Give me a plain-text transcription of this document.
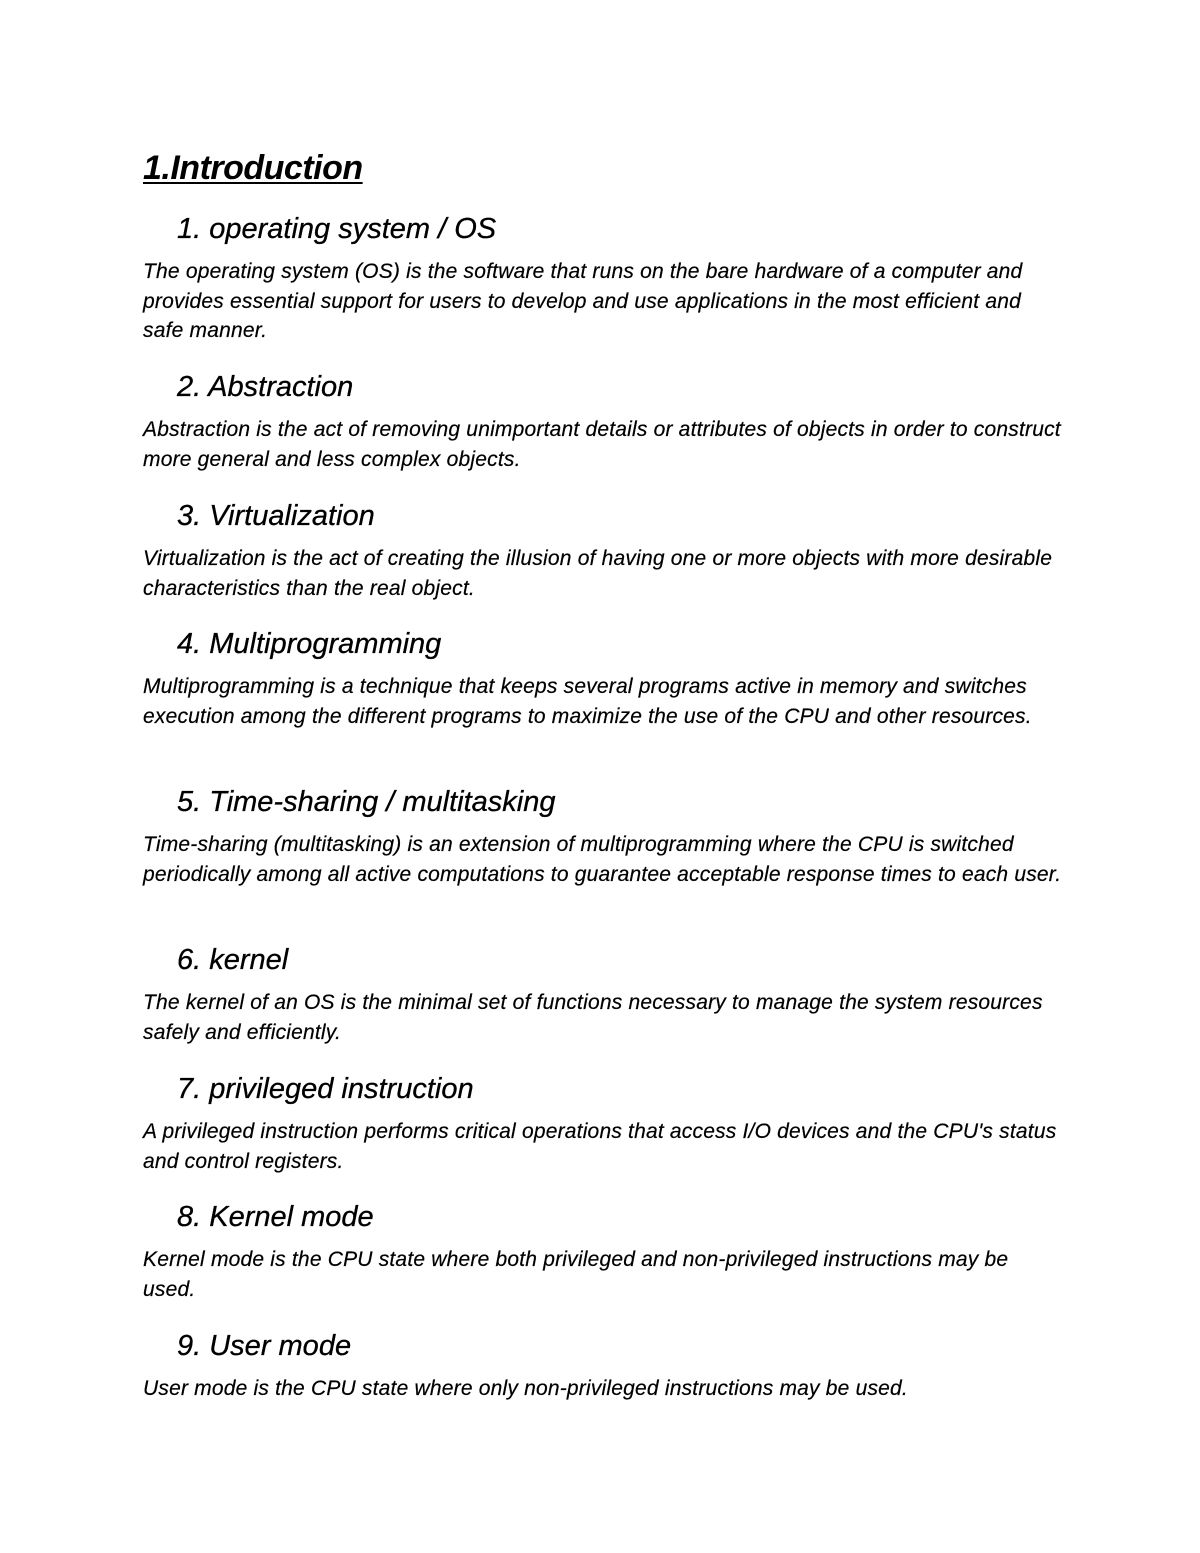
1.Introduction
1. operating system / OS

The operating system (OS) is the software that runs on the bare hardware of a computer and provides essential support for users to develop and use applications in the most efficient and safe manner.

2. Abstraction

Abstraction is the act of removing unimportant details or attributes of objects in order to construct more general and less complex objects.

3. Virtualization

Virtualization is the act of creating the illusion of having one or more objects with more desirable characteristics than the real object.

4. Multiprogramming

Multiprogramming is a technique that keeps several programs active in memory and switches execution among the different programs to maximize the use of the CPU and other resources.

5. Time-sharing / multitasking

Time-sharing (multitasking) is an extension of multiprogramming where the CPU is switched periodically among all active computations to guarantee acceptable response times to each user.

6. kernel

The kernel of an OS is the minimal set of functions necessary to manage the system resources safely and efficiently.

7. privileged instruction

A privileged instruction performs critical operations that access I/O devices and the CPU's status and control registers.

8. Kernel mode

Kernel mode is the CPU state where both privileged and non-privileged instructions may be used.

9. User mode

User mode is the CPU state where only non-privileged instructions may be used.
